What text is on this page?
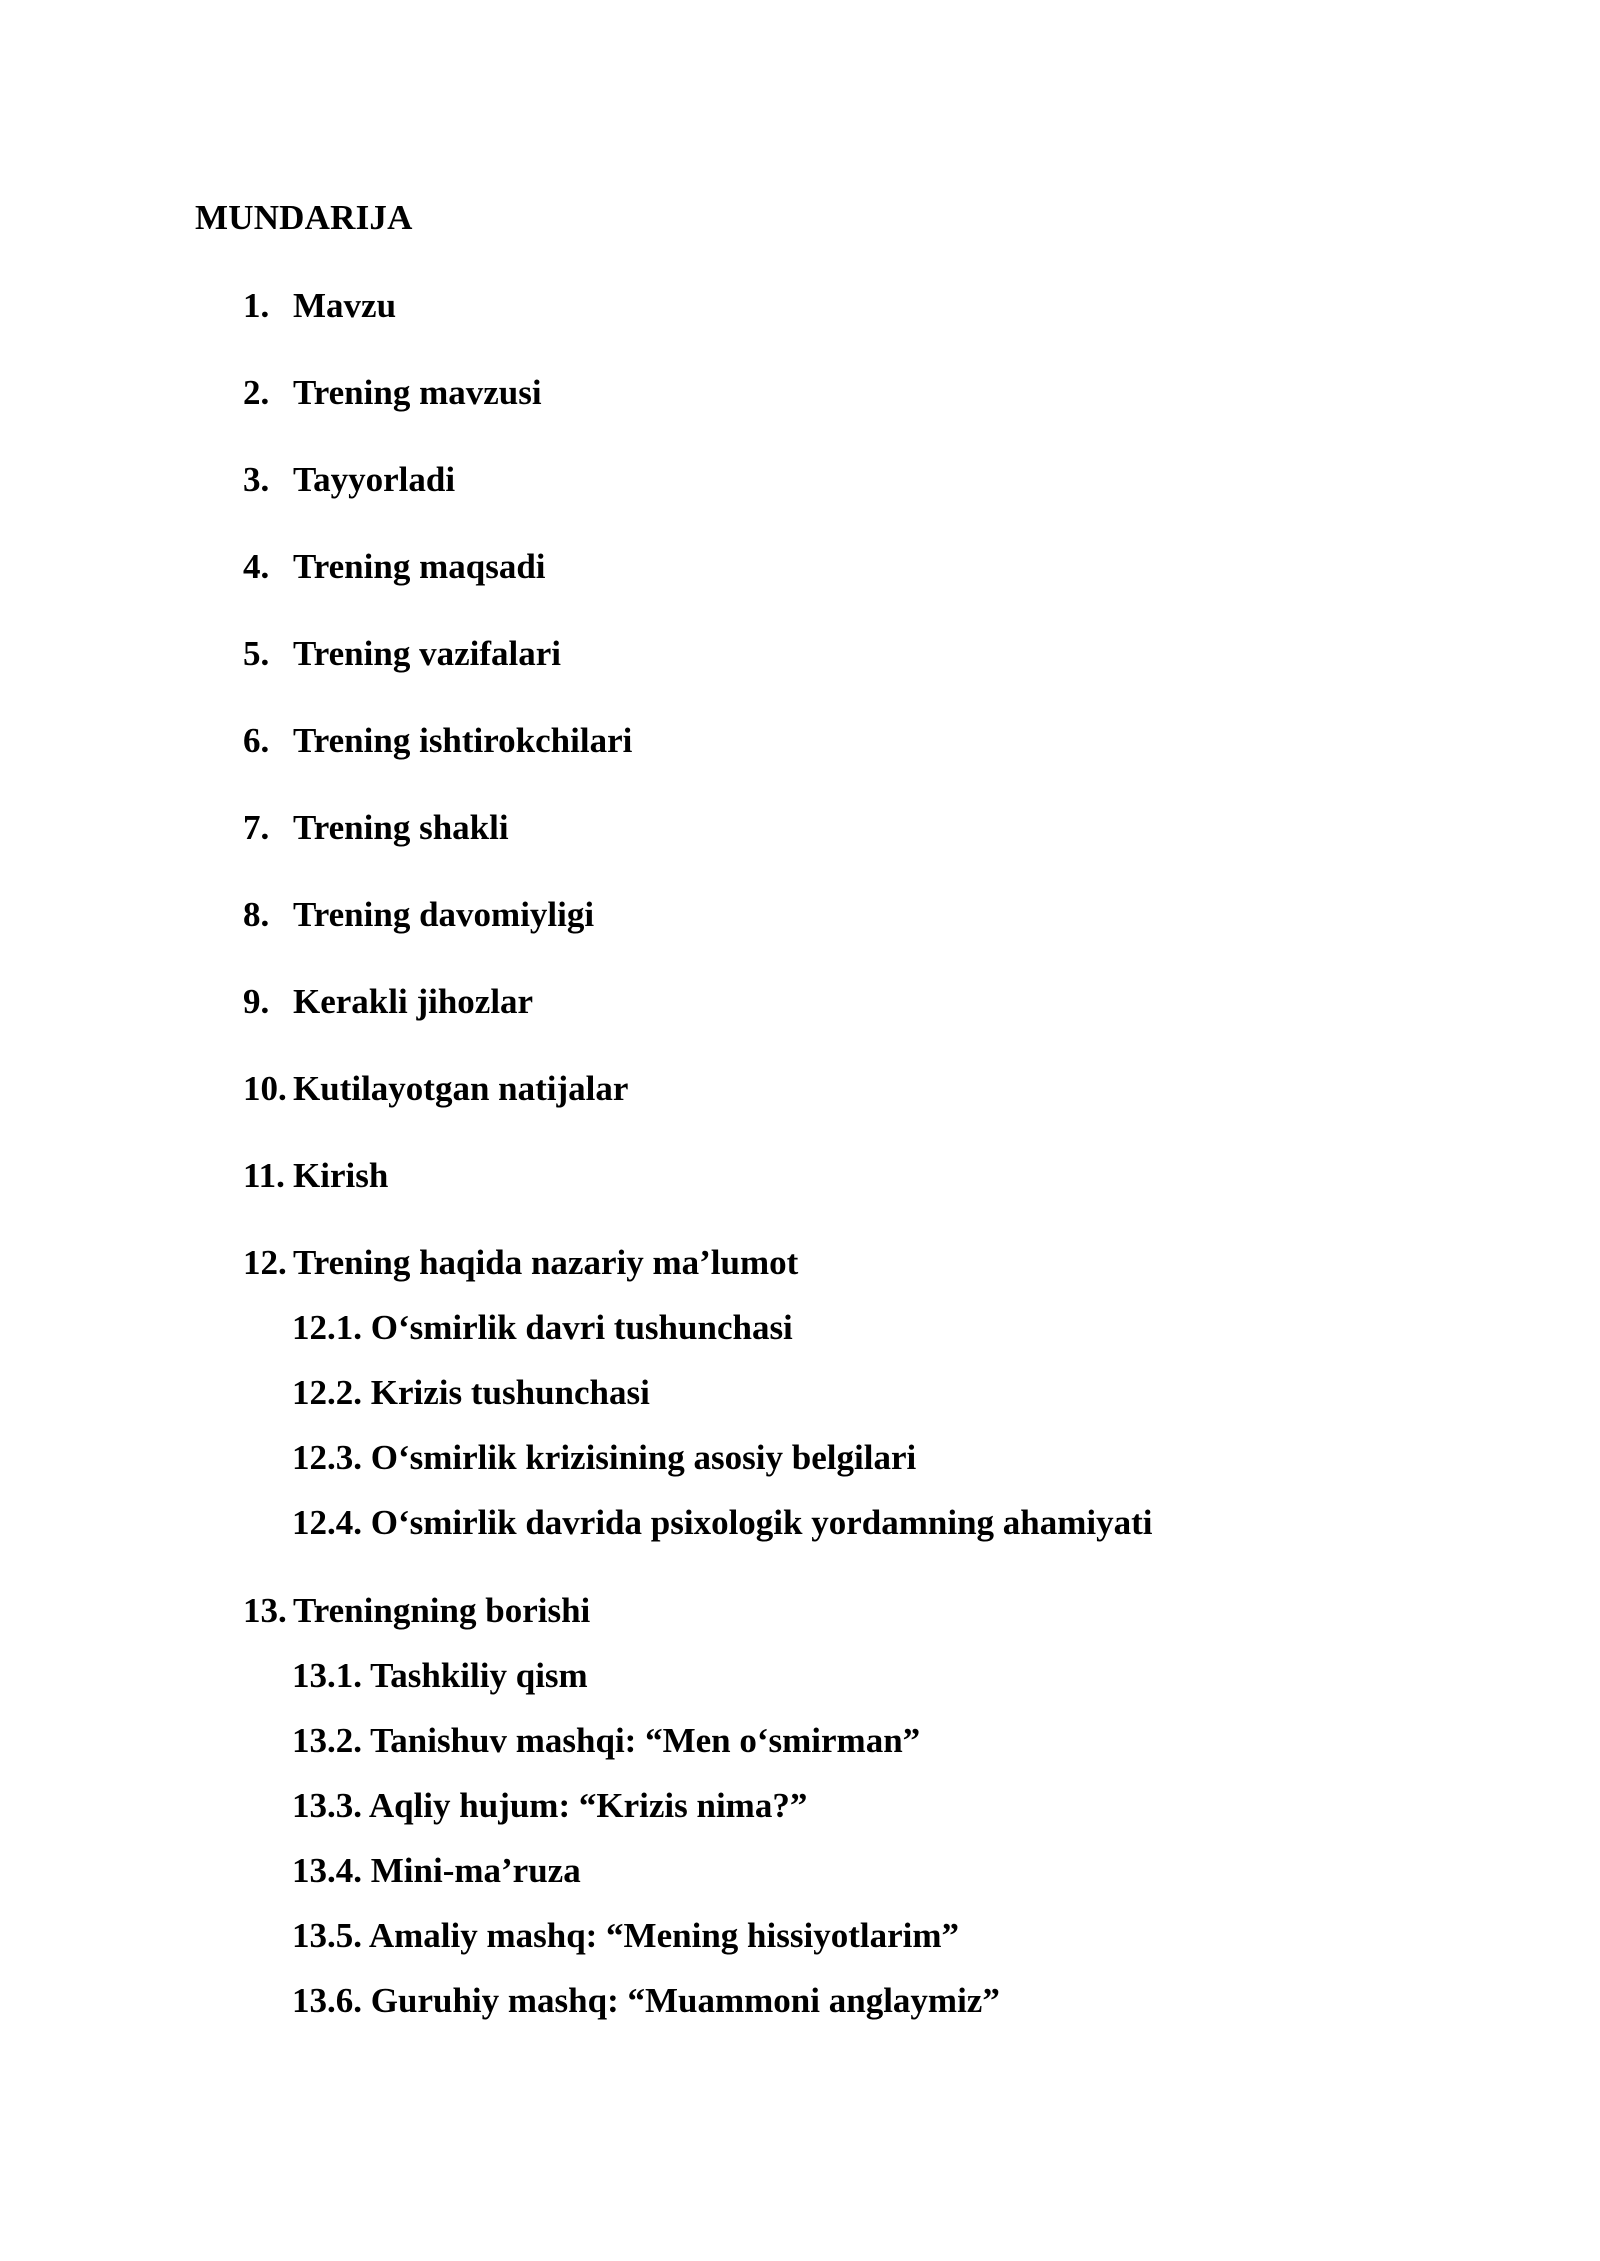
MUNDARIJA
1. Mavzu
2. Trening mavzusi
3. Tayyorladi
4. Trening maqsadi
5. Trening vazifalari
6. Trening ishtirokchilari
7. Trening shakli
8. Trening davomiyligi
9. Kerakli jihozlar
10. Kutilayotgan natijalar
11. Kirish
12. Trening haqida nazariy ma’lumot
12.1. O‘smirlik davri tushunchasi
12.2. Krizis tushunchasi
12.3. O‘smirlik krizisining asosiy belgilari
12.4. O‘smirlik davrida psixologik yordamning ahamiyati
13. Treningning borishi
13.1. Tashkiliy qism
13.2. Tanishuv mashqi: “Men o‘smirman”
13.3. Aqliy hujum: “Krizis nima?”
13.4. Mini-ma’ruza
13.5. Amaliy mashq: “Mening hissiyotlarim”
13.6. Guruhiy mashq: “Muammoni anglaymiz”
